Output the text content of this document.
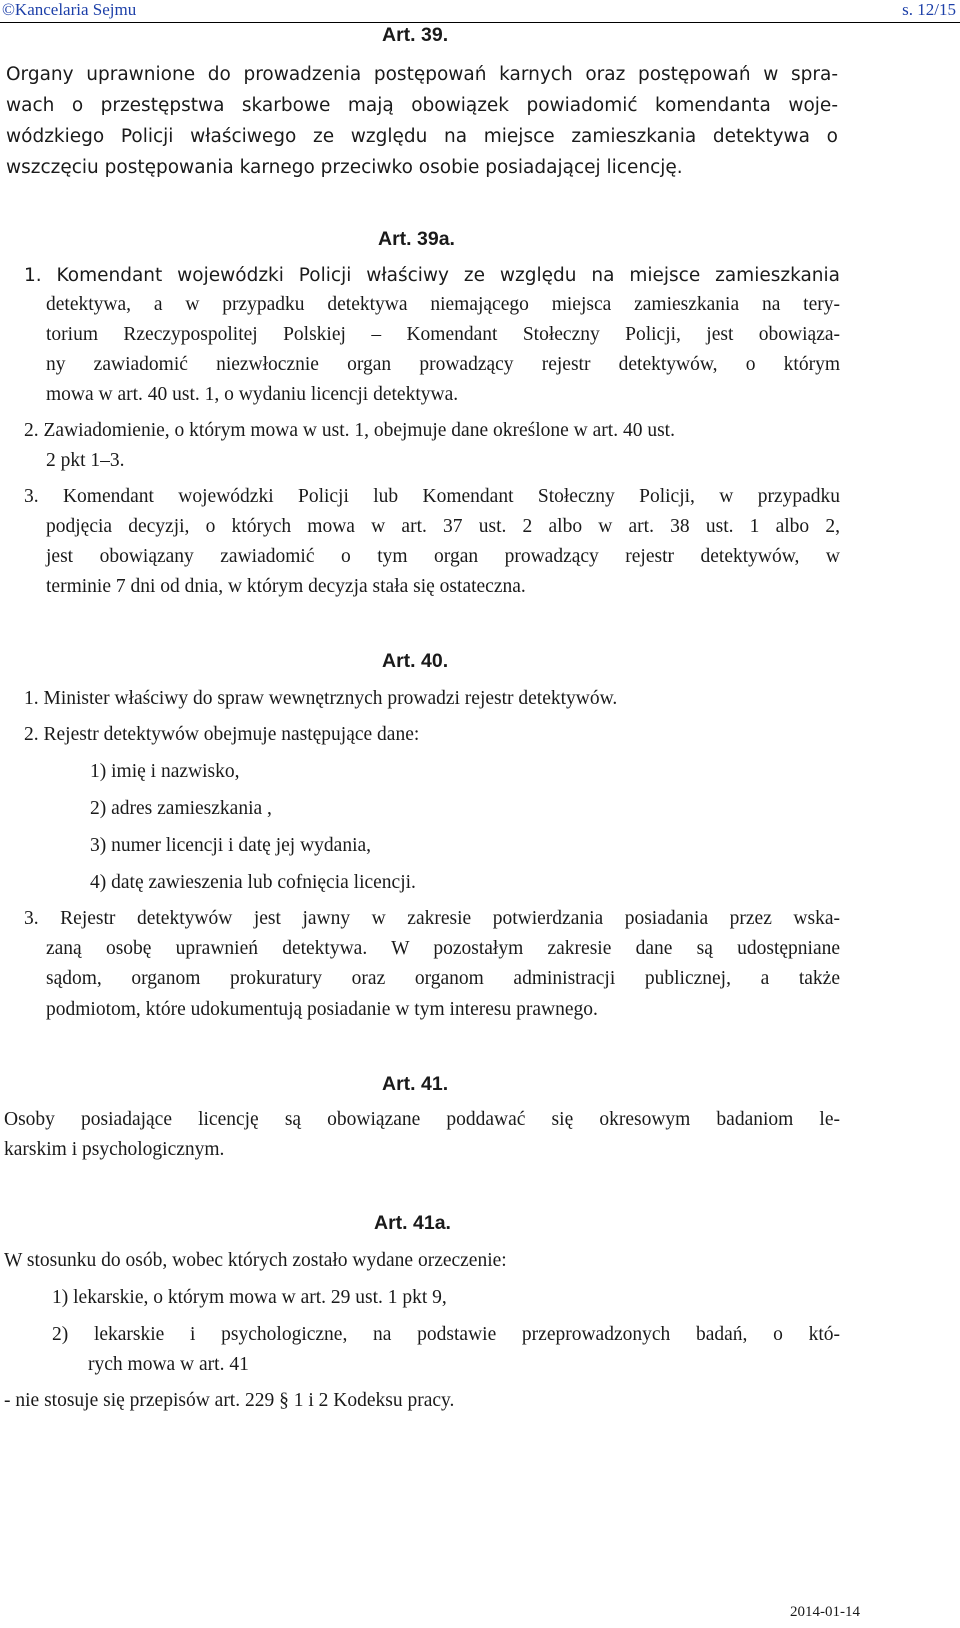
©Kancelaria Sejmu	s. 12/15
Art. 39.
Organy uprawnione do prowadzenia postępowań karnych oraz postępowań w spra-
wach o przestępstwa skarbowe mają obowiązek powiadomić komendanta woje-
wódzkiego Policji właściwego ze względu na miejsce zamieszkania detektywa o
wszczęciu postępowania karnego przeciwko osobie posiadającej licencję.
Art. 39a.
1. Komendant wojewódzki Policji właściwy ze względu na miejsce zamieszkania
detektywa, a w przypadku detektywa niemającego miejsca zamieszkania na tery-
torium Rzeczypospolitej Polskiej – Komendant Stołeczny Policji, jest obowiąza-
ny zawiadomić niezwłocznie organ prowadzący rejestr detektywów, o którym
mowa w art. 40 ust. 1, o wydaniu licencji detektywa.
2. Zawiadomienie, o którym mowa w ust. 1, obejmuje dane określone w art. 40 ust.
2 pkt 1–3.
3. Komendant wojewódzki Policji lub Komendant Stołeczny Policji, w przypadku
podjęcia decyzji, o których mowa w art. 37 ust. 2 albo w art. 38 ust. 1 albo 2,
jest obowiązany zawiadomić o tym organ prowadzący rejestr detektywów, w
terminie 7 dni od dnia, w którym decyzja stała się ostateczna.
Art. 40.
1. Minister właściwy do spraw wewnętrznych prowadzi rejestr detektywów.
2. Rejestr detektywów obejmuje następujące dane:
1) imię i nazwisko,
2) adres zamieszkania ,
3) numer licencji i datę jej wydania,
4) datę zawieszenia lub cofnięcia licencji.
3. Rejestr detektywów jest jawny w zakresie potwierdzania posiadania przez wska-
zaną osobę uprawnień detektywa. W pozostałym zakresie dane są udostępniane
sądom, organom prokuratury oraz organom administracji publicznej, a także
podmiotom, które udokumentują posiadanie w tym interesu prawnego.
Art. 41.
Osoby posiadające licencję są obowiązane poddawać się okresowym badaniom le-
karskim i psychologicznym.
Art. 41a.
W stosunku do osób, wobec których zostało wydane orzeczenie:
1) lekarskie, o którym mowa w art. 29 ust. 1 pkt 9,
2) lekarskie i psychologiczne, na podstawie przeprowadzonych badań, o któ-
rych mowa w art. 41
- nie stosuje się przepisów art. 229 § 1 i 2 Kodeksu pracy.
2014-01-14
